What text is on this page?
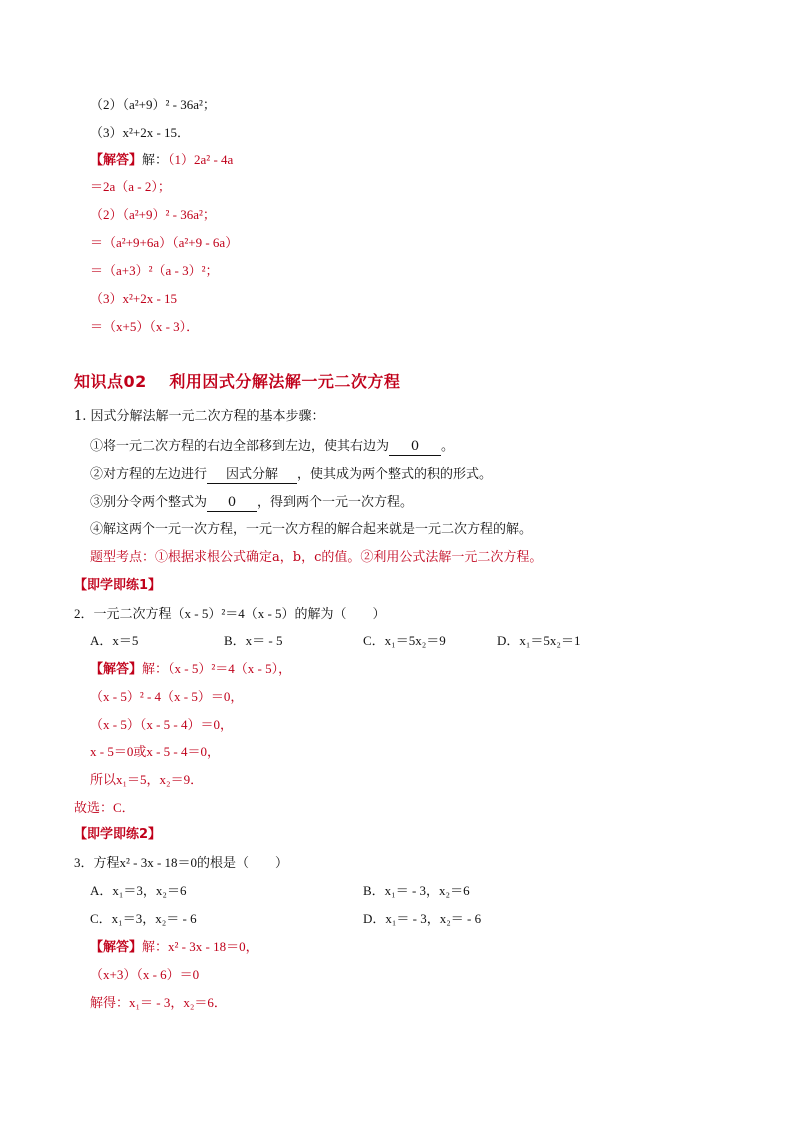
（2）（a²+9）² - 36a²；
（3）x²+2x - 15．
【解答】解：（1）2a² - 4a
＝2a（a - 2）；
（2）（a²+9）² - 36a²；
＝（a²+9+6a）（a²+9 - 6a）
＝（a+3）²（a - 3）²；
（3）x²+2x - 15
＝（x+5）（x - 3）．
知识点02　 利用因式分解法解一元二次方程
1. 因式分解法解一元二次方程的基本步骤：
①将一元二次方程的右边全部移到左边，使其右边为 0 。
②对方程的左边进行 因式分解 ，使其成为两个整式的积的形式。
③别分令两个整式为 0 ，得到两个一元一次方程。
④解这两个一元一次方程，一元一次方程的解合起来就是一元二次方程的解。
题型考点：①根据求根公式确定a，b，c的值。②利用公式法解一元二次方程。
【即学即练1】
2．一元二次方程（x - 5）²＝4（x - 5）的解为（　　）
A．x＝5	B．x＝ - 5	C．x₁＝5x₂＝9	D．x₁＝5x₂＝1
【解答】解：（x - 5）²＝4（x - 5），
（x - 5）² - 4（x - 5）＝0，
（x - 5）（x - 5 - 4）＝0，
x - 5＝0或x - 5 - 4＝0，
所以x₁＝5，x₂＝9．
故选：C．
【即学即练2】
3．方程x² - 3x - 18＝0的根是（　　）
A．x₁＝3，x₂＝6	B．x₁＝ - 3，x₂＝6
C．x₁＝3，x₂＝ - 6	D．x₁＝ - 3，x₂＝ - 6
【解答】解：x² - 3x - 18＝0，
（x+3）（x - 6）＝0
解得：x₁＝ - 3，x₂＝6．
